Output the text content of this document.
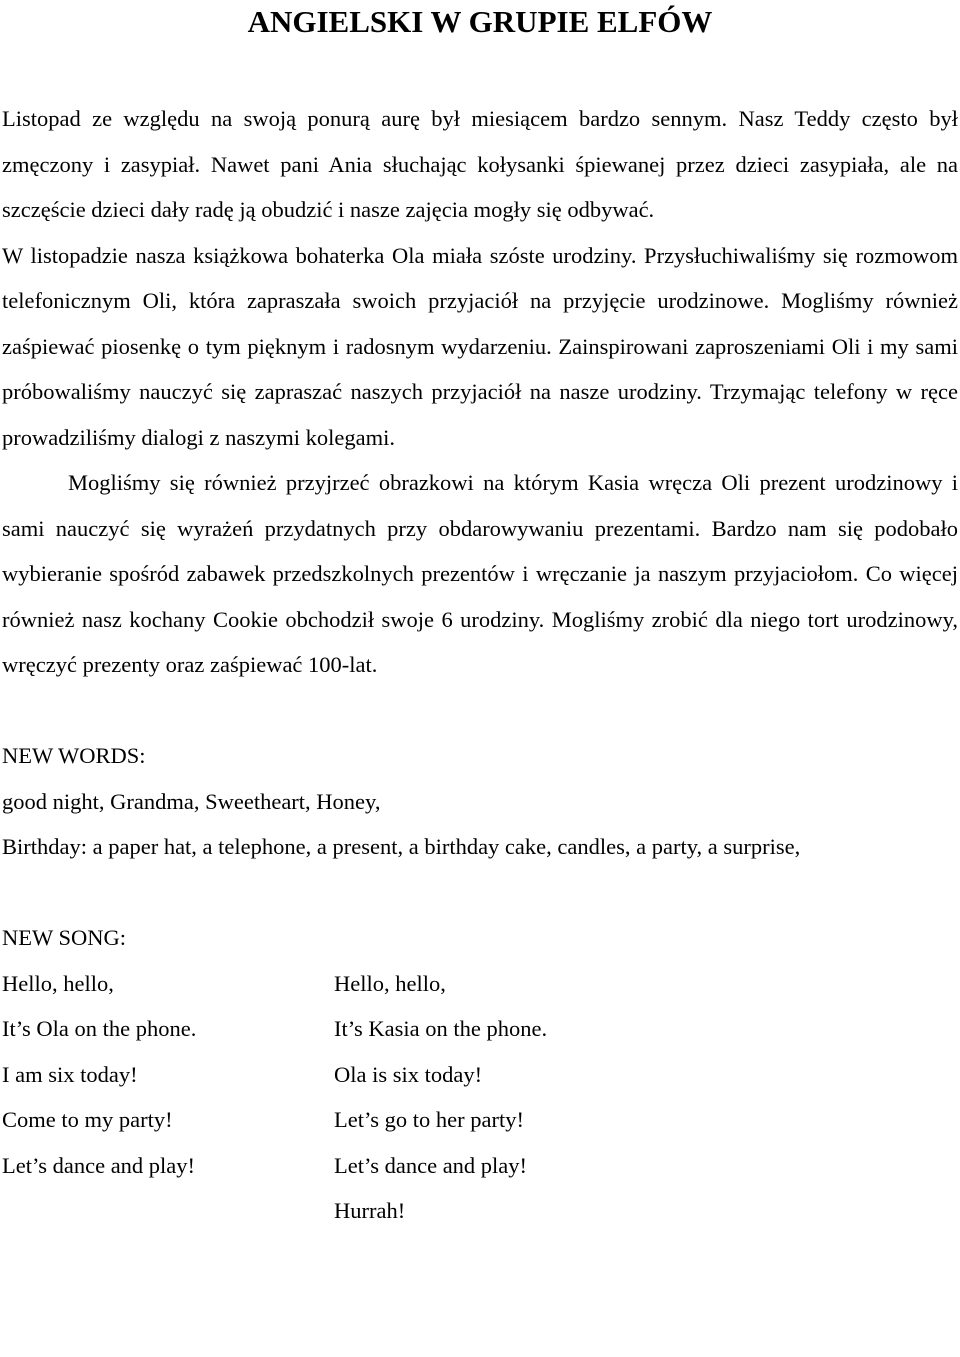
ANGIELSKI W GRUPIE ELFÓW

Listopad ze względu na swoją ponurą aurę był miesiącem bardzo sennym. Nasz Teddy często był zmęczony i zasypiał. Nawet pani Ania słuchając kołysanki śpiewanej przez dzieci zasypiała, ale na szczęście dzieci dały radę ją obudzić i nasze zajęcia mogły się odbywać.

W listopadzie nasza książkowa bohaterka Ola miała szóste urodziny. Przysłuchiwaliśmy się rozmowom telefonicznym Oli, która zapraszała swoich przyjaciół na przyjęcie urodzinowe. Mogliśmy również zaśpiewać piosenkę o tym pięknym i radosnym wydarzeniu. Zainspirowani zaproszeniami Oli i my sami próbowaliśmy nauczyć się zapraszać naszych przyjaciół na nasze urodziny. Trzymając telefony w ręce prowadziliśmy dialogi z naszymi kolegami.

Mogliśmy się również przyjrzeć obrazkowi na którym Kasia wręcza Oli prezent urodzinowy i sami nauczyć się wyrażeń przydatnych przy obdarowywaniu prezentami. Bardzo nam się podobało wybieranie spośród zabawek przedszkolnych prezentów i wręczanie ja naszym przyjaciołom. Co więcej również nasz kochany Cookie obchodził swoje 6 urodziny. Mogliśmy zrobić dla niego tort urodzinowy, wręczyć prezenty oraz zaśpiewać 100-lat.

NEW WORDS:
good night, Grandma, Sweetheart, Honey,
Birthday: a paper hat, a telephone, a present, a birthday cake, candles, a party, a surprise,
NEW SONG:
Hello, hello,
It’s Ola on the phone.
I am six today!
Come to my party!
Let’s dance and play!
Hello, hello,
It’s Kasia on the phone.
Ola is six today!
Let’s go to her party!
Let’s dance and play!
Hurrah!
